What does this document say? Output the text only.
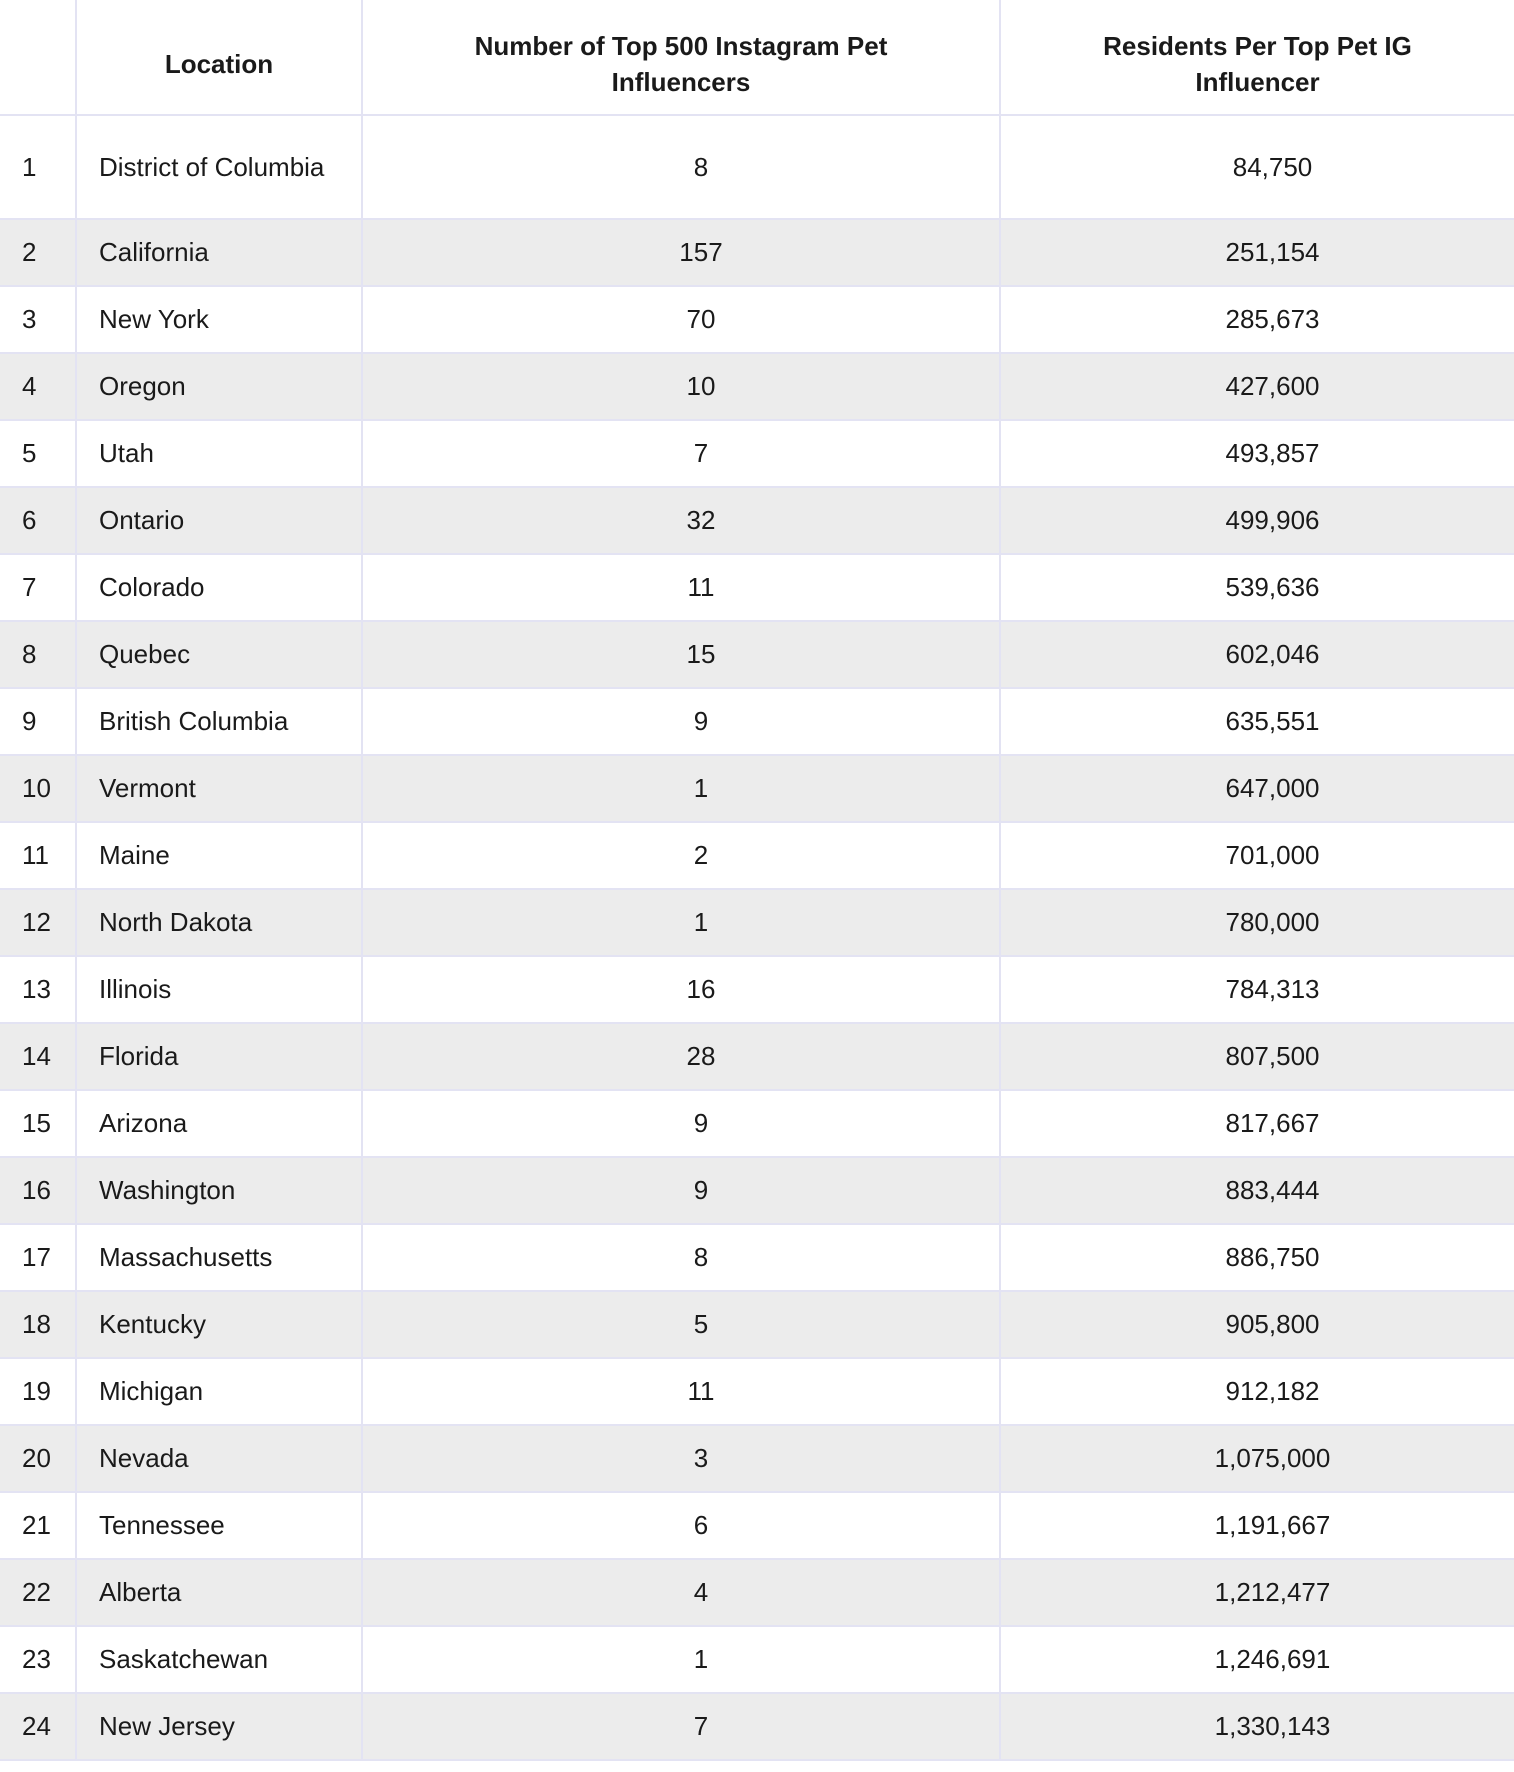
	Location	Number of Top 500 Instagram Pet Influencers	Residents Per Top Pet IG Influencer
1	District of Columbia	8	84,750
2	California	157	251,154
3	New York	70	285,673
4	Oregon	10	427,600
5	Utah	7	493,857
6	Ontario	32	499,906
7	Colorado	11	539,636
8	Quebec	15	602,046
9	British Columbia	9	635,551
10	Vermont	1	647,000
11	Maine	2	701,000
12	North Dakota	1	780,000
13	Illinois	16	784,313
14	Florida	28	807,500
15	Arizona	9	817,667
16	Washington	9	883,444
17	Massachusetts	8	886,750
18	Kentucky	5	905,800
19	Michigan	11	912,182
20	Nevada	3	1,075,000
21	Tennessee	6	1,191,667
22	Alberta	4	1,212,477
23	Saskatchewan	1	1,246,691
24	New Jersey	7	1,330,143
